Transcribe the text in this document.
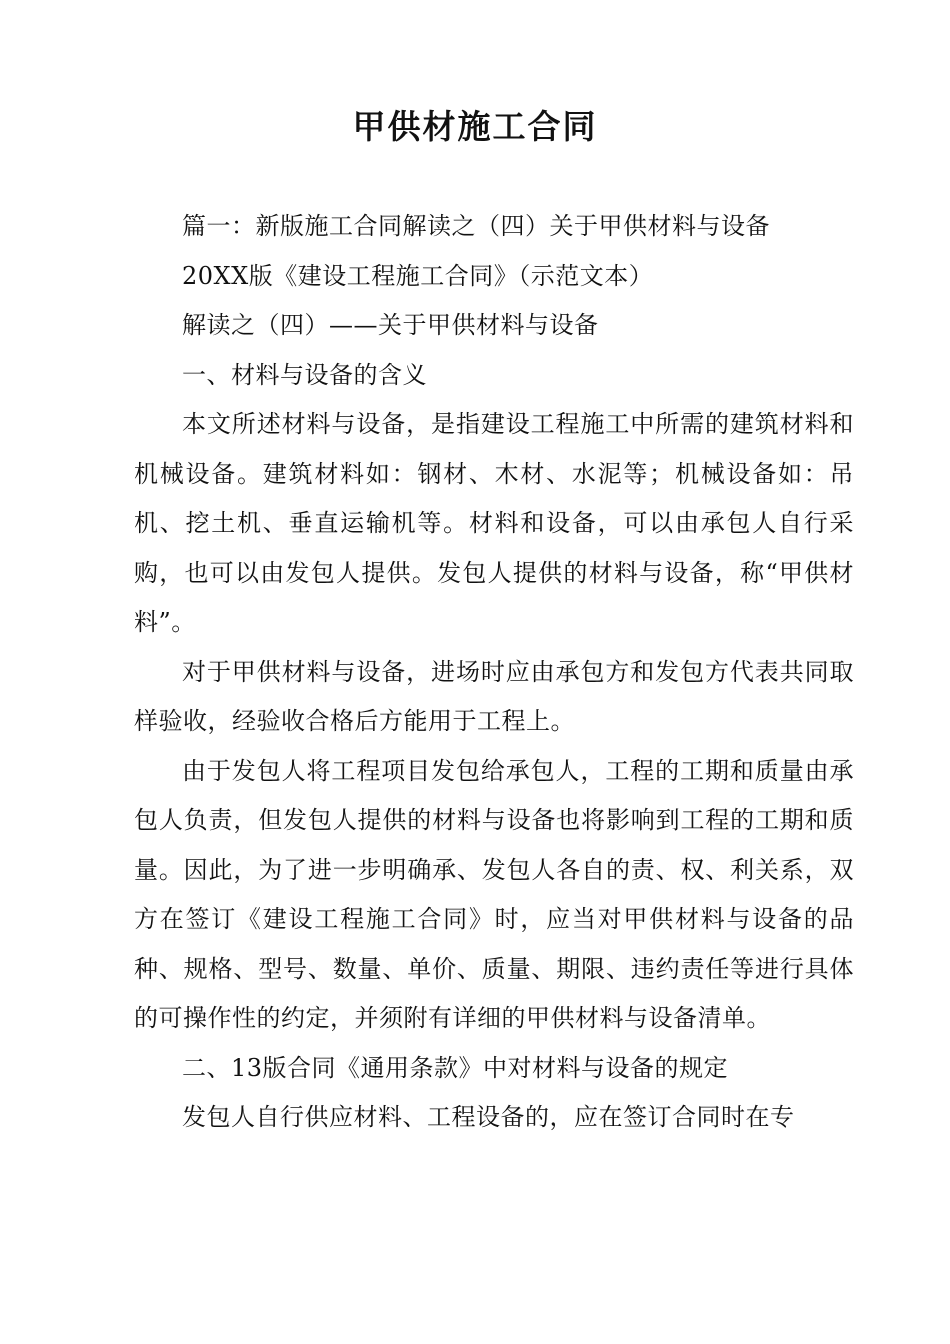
甲供材施工合同

篇一：新版施工合同解读之（四）关于甲供材料与设备

20XX版《建设工程施工合同》（示范文本）

解读之（四）——关于甲供材料与设备

一、材料与设备的含义

本文所述材料与设备，是指建设工程施工中所需的建筑材料和机械设备。建筑材料如：钢材、木材、水泥等；机械设备如：吊机、挖土机、垂直运输机等。材料和设备，可以由承包人自行采购，也可以由发包人提供。发包人提供的材料与设备，称“甲供材料”。

对于甲供材料与设备，进场时应由承包方和发包方代表共同取样验收，经验收合格后方能用于工程上。

由于发包人将工程项目发包给承包人，工程的工期和质量由承包人负责，但发包人提供的材料与设备也将影响到工程的工期和质量。因此，为了进一步明确承、发包人各自的责、权、利关系，双方在签订《建设工程施工合同》时，应当对甲供材料与设备的品种、规格、型号、数量、单价、质量、期限、违约责任等进行具体的可操作性的约定，并须附有详细的甲供材料与设备清单。

二、13版合同《通用条款》中对材料与设备的规定

发包人自行供应材料、工程设备的，应在签订合同时在专
